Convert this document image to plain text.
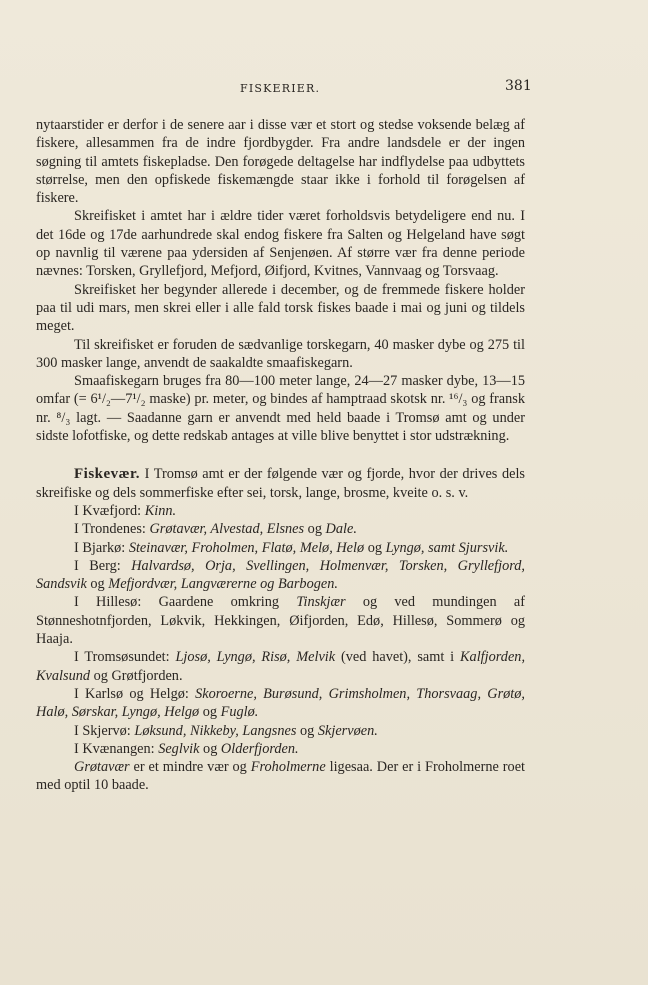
FISKERIER.	381

nytaarstider er derfor i de senere aar i disse vær et stort og stedse voksende belæg af fiskere, allesammen fra de indre fjordbygder. Fra andre landsdele er der ingen søgning til amtets fiskepladse. Den forøgede deltagelse har indflydelse paa udbyttets størrelse, men den opfiskede fiskemængde staar ikke i forhold til forøgelsen af fiskere.

Skreifisket i amtet har i ældre tider været forholdsvis betydeligere end nu. I det 16de og 17de aarhundrede skal endog fiskere fra Salten og Helgeland have søgt op navnlig til værene paa ydersiden af Senjenøen. Af større vær fra denne periode nævnes: Torsken, Gryllefjord, Mefjord, Øifjord, Kvitnes, Vannvaag og Torsvaag.

Skreifisket her begynder allerede i december, og de fremmede fiskere holder paa til udi mars, men skrei eller i alle fald torsk fiskes baade i mai og juni og tildels meget.

Til skreifisket er foruden de sædvanlige torskegarn, 40 masker dybe og 275 til 300 masker lange, anvendt de saakaldte smaafiskegarn.

Smaafiskegarn bruges fra 80—100 meter lange, 24—27 masker dybe, 13—15 omfar (= 6¹/₂—7¹/₂ maske) pr. meter, og bindes af hamptraad skotsk nr. ¹⁶/₃ og fransk nr. ⁸/₃ lagt. — Saadanne garn er anvendt med held baade i Tromsø amt og under sidste lofotfiske, og dette redskab antages at ville blive benyttet i stor udstrækning.

Fiskevær. I Tromsø amt er der følgende vær og fjorde, hvor der drives dels skreifiske og dels sommerfiske efter sei, torsk, lange, brosme, kveite o. s. v.

I Kvæfjord: Kinn.

I Trondenes: Grøtavær, Alvestad, Elsnes og Dale.

I Bjarkø: Steinavær, Froholmen, Flatø, Melø, Helø og Lyngø, samt Sjursvik.

I Berg: Halvardsø, Orja, Svellingen, Holmenvær, Torsken, Gryllefjord, Sandsvik og Mefjordvær, Langværerne og Barbogen.

I Hillesø: Gaardene omkring Tinskjær og ved mundingen af Stønneshotnfjorden, Løkvik, Hekkingen, Øifjorden, Edø, Hillesø, Sommerø og Haaja.

I Tromsøsundet: Ljosø, Lyngø, Risø, Melvik (ved havet), samt i Kalfjorden, Kvalsund og Grøtfjorden.

I Karlsø og Helgø: Skoroerne, Burøsund, Grimsholmen, Thorsvaag, Grøtø, Halø, Sørskar, Lyngø, Helgø og Fuglø.

I Skjervø: Løksund, Nikkeby, Langsnes og Skjervøen.

I Kvænangen: Seglvik og Olderfjorden.

Grøtavær er et mindre vær og Froholmerne ligesaa. Der er i Froholmerne roet med optil 10 baade.
